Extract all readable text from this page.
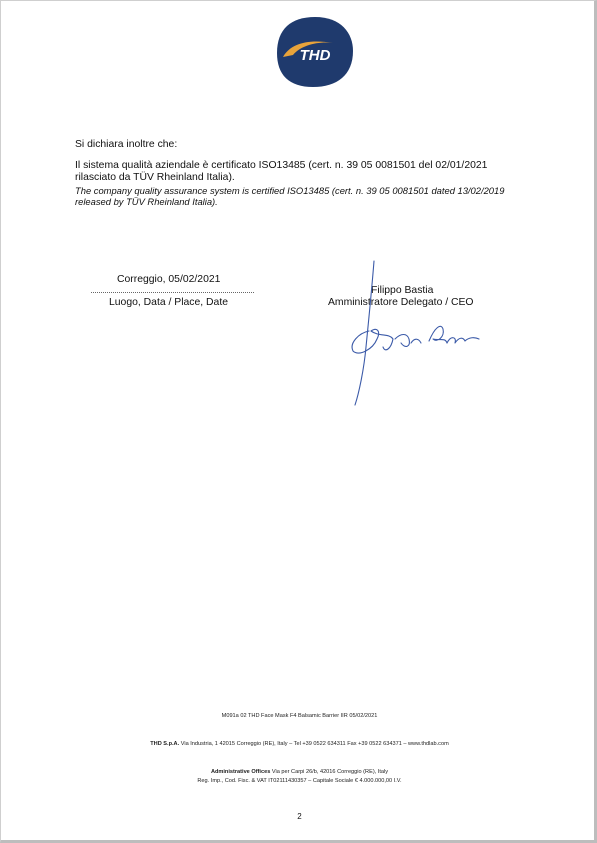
THD

Si dichiara inoltre che:

Il sistema qualità aziendale è certificato ISO13485 (cert. n. 39 05 0081501 del 02/01/2021

rilasciato da TÜV Rheinland Italia).

The company quality assurance system is certified ISO13485 (cert. n. 39 05 0081501 dated 13/02/2019

released by TÜV Rheinland Italia).

Correggio, 05/02/2021

Luogo, Data / Place, Date

Filippo Bastia

Amministratore Delegato / CEO

M091a 02 THD Face Mask F4 Balsamic Barrier IIR 05/02/2021

THD S.p.A. Via Industria, 1 42015 Correggio (RE), Italy – Tel +39 0522 634311 Fax +39 0522 634371 – www.thdlab.com

Administrative Offices Via per Carpi 26/b, 42016 Correggio (RE), Italy

Reg. Imp., Cod. Fisc. & VAT IT02111430357 – Capitale Sociale € 4.000.000,00 I.V.

2
